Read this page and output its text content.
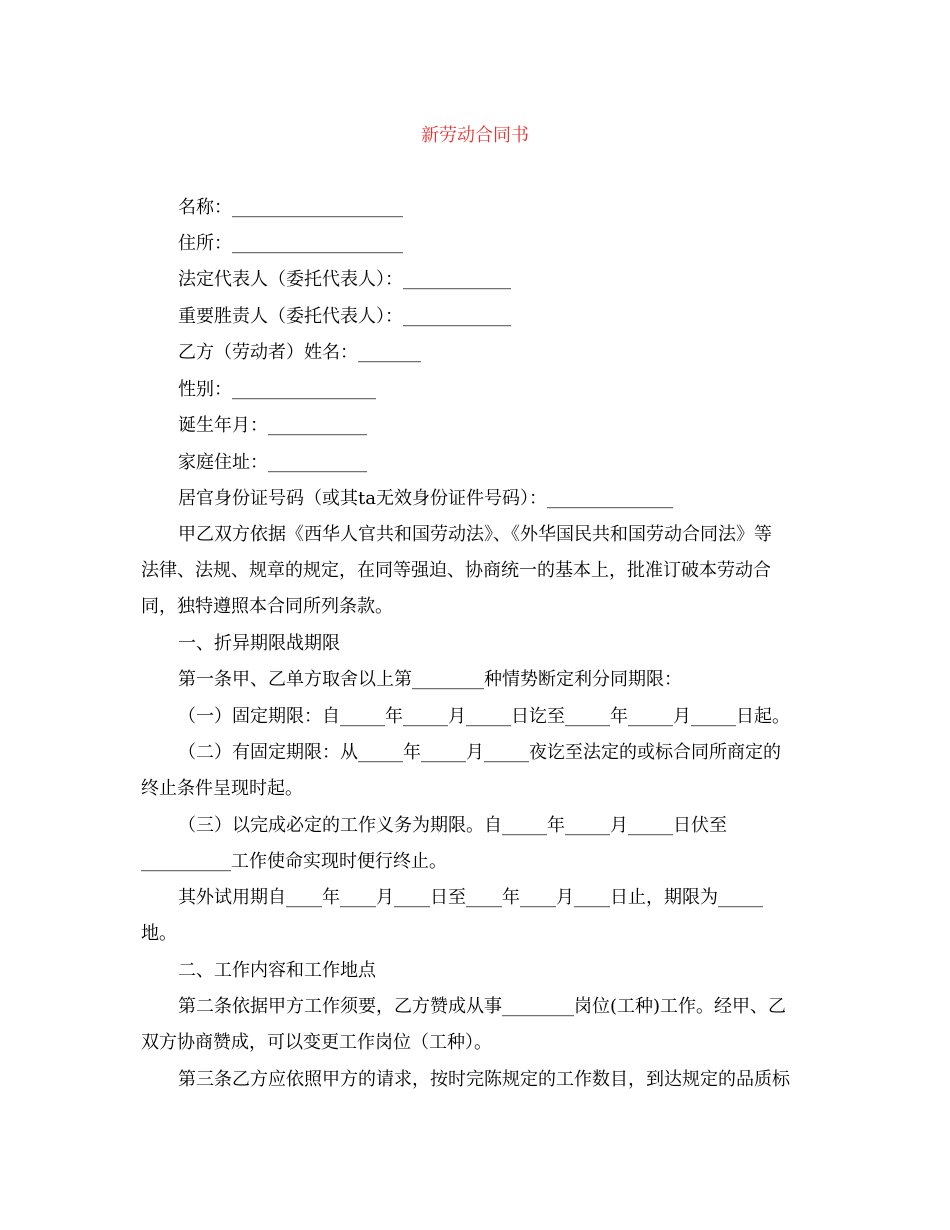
新劳动合同书
名称：___________________
住所：___________________
法定代表人（委托代表人）：____________
重要胜责人（委托代表人）：____________
乙方（劳动者）姓名：_______
性别：________________
诞生年月：___________
家庭住址：___________
居官身份证号码（或其ta无效身份证件号码）：______________
甲乙双方依据《西华人官共和国劳动法》、《外华国民共和国劳动合同法》等
法律、法规、规章的规定，在同等强迫、协商统一的基本上，批准订破本劳动合
同，独特遵照本合同所列条款。
一、折异期限战期限
第一条甲、乙单方取舍以上第________种情势断定利分同期限：
（一）固定期限：自_____年_____月_____日讫至_____年_____月_____日起。
（二）有固定期限：从_____年_____月_____夜讫至法定的或标合同所商定的
终止条件呈现时起。
（三）以完成必定的工作义务为期限。自_____年_____月_____日伏至
__________工作使命实现时便行终止。
其外试用期自____年____月____日至____年____月____日止，期限为_____
地。
二、工作内容和工作地点
第二条依据甲方工作须要，乙方赞成从事________岗位(工种)工作。经甲、乙
双方协商赞成，可以变更工作岗位（工种）。
第三条乙方应依照甲方的请求，按时完陈规定的工作数目，到达规定的品质标
